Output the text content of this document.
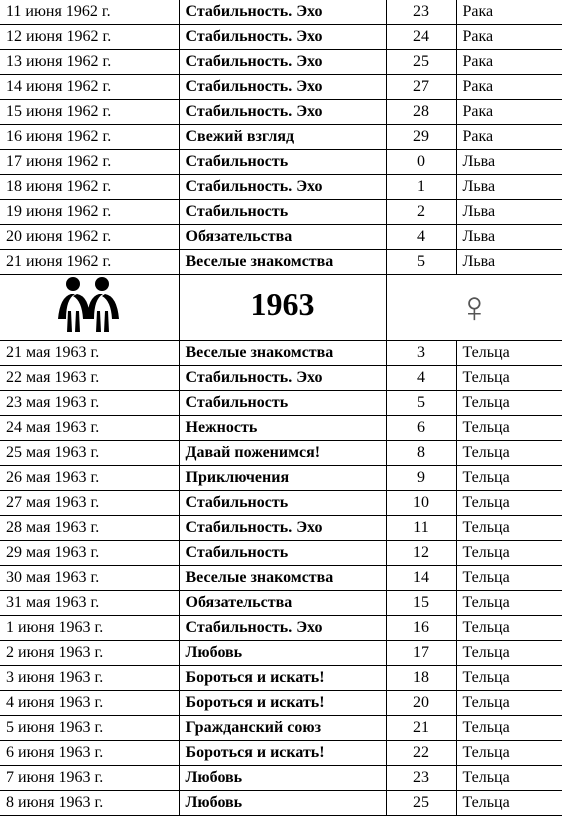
11 июня 1962 г.	Стабильность. Эхо	23	Рака
12 июня 1962 г.	Стабильность. Эхо	24	Рака
13 июня 1962 г.	Стабильность. Эхо	25	Рака
14 июня 1962 г.	Стабильность. Эхо	27	Рака
15 июня 1962 г.	Стабильность. Эхо	28	Рака
16 июня 1962 г.	Свежий взгляд	29	Рака
17 июня 1962 г.	Стабильность	0	Льва
18 июня 1962 г.	Стабильность. Эхо	1	Льва
19 июня 1962 г.	Стабильность	2	Льва
20 июня 1962 г.	Обязательства	4	Льва
21 июня 1962 г.	Веселые знакомства	5	Льва
	1963	♀	
21 мая 1963 г.	Веселые знакомства	3	Тельца
22 мая 1963 г.	Стабильность. Эхо	4	Тельца
23 мая 1963 г.	Стабильность	5	Тельца
24 мая 1963 г.	Нежность	6	Тельца
25 мая 1963 г.	Давай поженимся!	8	Тельца
26 мая 1963 г.	Приключения	9	Тельца
27 мая 1963 г.	Стабильность	10	Тельца
28 мая 1963 г.	Стабильность. Эхо	11	Тельца
29 мая 1963 г.	Стабильность	12	Тельца
30 мая 1963 г.	Веселые знакомства	14	Тельца
31 мая 1963 г.	Обязательства	15	Тельца
1 июня 1963 г.	Стабильность. Эхо	16	Тельца
2 июня 1963 г.	Любовь	17	Тельца
3 июня 1963 г.	Бороться и искать!	18	Тельца
4 июня 1963 г.	Бороться и искать!	20	Тельца
5 июня 1963 г.	Гражданский союз	21	Тельца
6 июня 1963 г.	Бороться и искать!	22	Тельца
7 июня 1963 г.	Любовь	23	Тельца
8 июня 1963 г.	Любовь	25	Тельца
